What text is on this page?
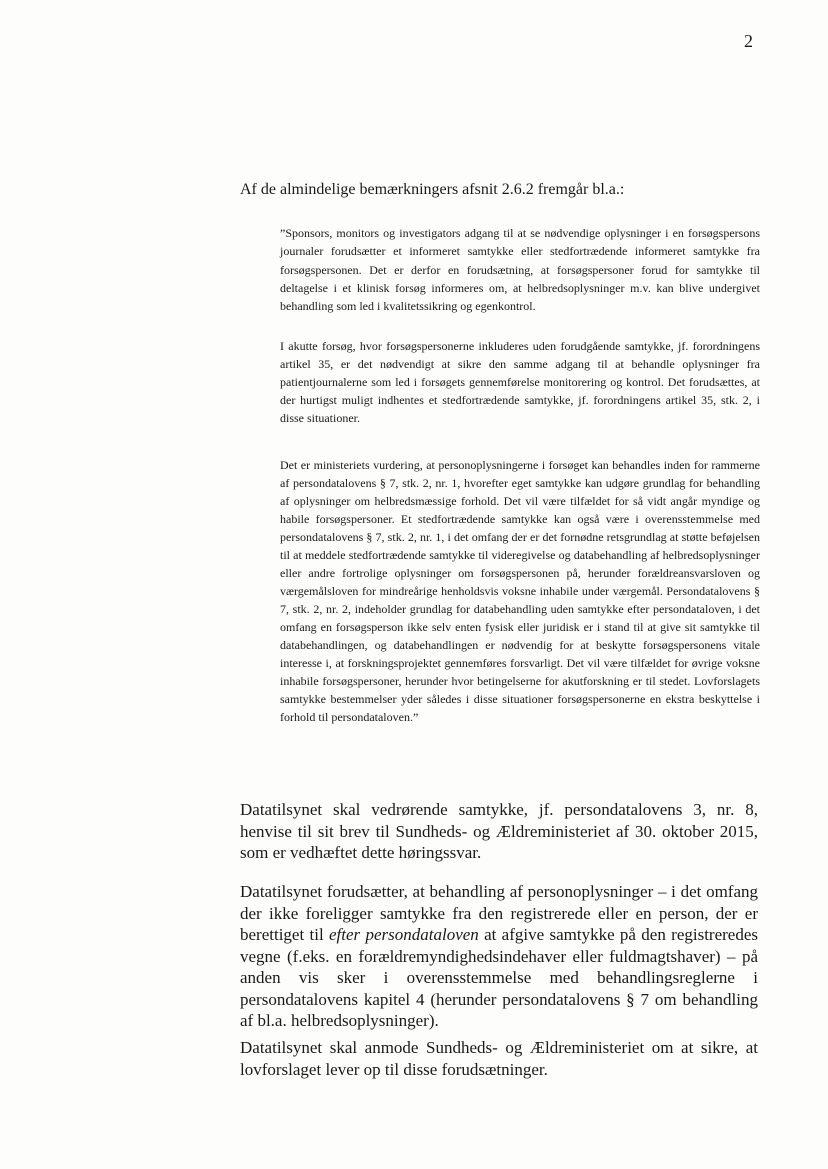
2
Af de almindelige bemærkningers afsnit 2.6.2 fremgår bl.a.:
”Sponsors, monitors og investigators adgang til at se nødvendige oplysninger i en forsøgspersons journaler forudsætter et informeret samtykke eller stedfortrædende informeret samtykke fra forsøgspersonen. Det er derfor en forudsætning, at forsøgspersoner forud for samtykke til deltagelse i et klinisk forsøg informeres om, at helbredsoplysninger m.v. kan blive undergivet behandling som led i kvalitetssikring og egenkontrol.
I akutte forsøg, hvor forsøgspersonerne inkluderes uden forudgående samtykke, jf. forordningens artikel 35, er det nødvendigt at sikre den samme adgang til at behandle oplysninger fra patientjournalerne som led i forsøgets gennemførelse monitorering og kontrol. Det forudsættes, at der hurtigst muligt indhentes et stedfortrædende samtykke, jf. forordningens artikel 35, stk. 2, i disse situationer.
Det er ministeriets vurdering, at personoplysningerne i forsøget kan behandles inden for rammerne af persondatalovens § 7, stk. 2, nr. 1, hvorefter eget samtykke kan udgøre grundlag for behandling af oplysninger om helbredsmæssige forhold. Det vil være tilfældet for så vidt angår myndige og habile forsøgspersoner. Et stedfortrædende samtykke kan også være i overensstemmelse med persondatalovens § 7, stk. 2, nr. 1, i det omfang der er det fornødne retsgrundlag at støtte beføjelsen til at meddele stedfortrædende samtykke til videregivelse og databehandling af helbredsoplysninger eller andre fortrolige oplysninger om forsøgspersonen på, herunder forældreansvarsloven og værgemålsloven for mindreårige henholdsvis voksne inhabile under værgemål. Persondatalovens § 7, stk. 2, nr. 2, indeholder grundlag for databehandling uden samtykke efter persondataloven, i det omfang en forsøgsperson ikke selv enten fysisk eller juridisk er i stand til at give sit samtykke til databehandlingen, og databehandlingen er nødvendig for at beskytte forsøgspersonens vitale interesse i, at forskningsprojektet gennemføres forsvarligt. Det vil være tilfældet for øvrige voksne inhabile forsøgspersoner, herunder hvor betingelserne for akutforskning er til stedet. Lovforslagets samtykke bestemmelser yder således i disse situationer forsøgspersonerne en ekstra beskyttelse i forhold til persondataloven.”
Datatilsynet skal vedrørende samtykke, jf. persondatalovens 3, nr. 8, henvise til sit brev til Sundheds- og Ældreministeriet af 30. oktober 2015, som er vedhæftet dette høringssvar.
Datatilsynet forudsætter, at behandling af personoplysninger – i det omfang der ikke foreligger samtykke fra den registrerede eller en person, der er berettiget til efter persondataloven at afgive samtykke på den registreredes vegne (f.eks. en forældremyndighedsindehaver eller fuldmagtshaver) – på anden vis sker i overensstemmelse med behandlingsreglerne i persondatalovens kapitel 4 (herunder persondatalovens § 7 om behandling af bl.a. helbredsoplysninger).
Datatilsynet skal anmode Sundheds- og Ældreministeriet om at sikre, at lovforslaget lever op til disse forudsætninger.
